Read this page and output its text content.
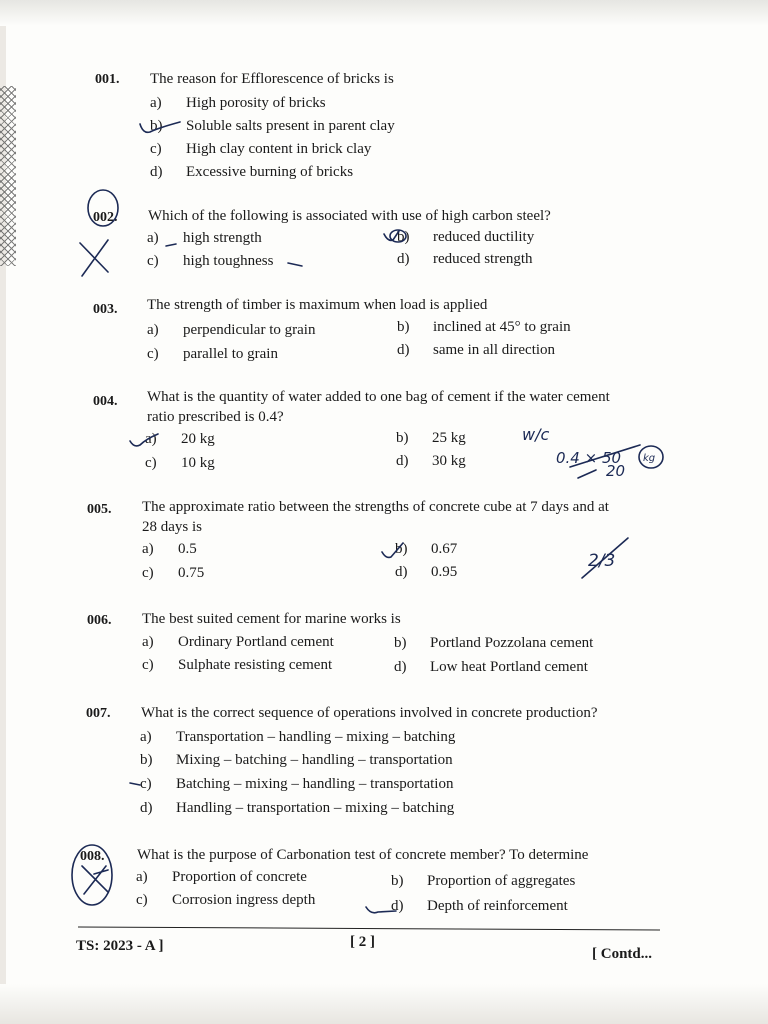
001. The reason for Efflorescence of bricks is
a) High porosity of bricks
b) Soluble salts present in parent clay
c) High clay content in brick clay
d) Excessive burning of bricks
002. Which of the following is associated with use of high carbon steel?
a) high strength	b) reduced ductility
c) high toughness	d) reduced strength
003. The strength of timber is maximum when load is applied
a) perpendicular to grain	b) inclined at 45° to grain
c) parallel to grain	d) same in all direction
004. What is the quantity of water added to one bag of cement if the water cement
ratio prescribed is 0.4?
a) 20 kg	b) 25 kg
c) 10 kg	d) 30 kg
005. The approximate ratio between the strengths of concrete cube at 7 days and at
28 days is
a) 0.5	b) 0.67
c) 0.75	d) 0.95
006. The best suited cement for marine works is
a) Ordinary Portland cement	b) Portland Pozzolana cement
c) Sulphate resisting cement	d) Low heat Portland cement
007. What is the correct sequence of operations involved in concrete production?
a) Transportation – handling – mixing – batching
b) Mixing – batching – handling – transportation
c) Batching – mixing – handling – transportation
d) Handling – transportation – mixing – batching
008. What is the purpose of Carbonation test of concrete member? To determine
a) Proportion of concrete	b) Proportion of aggregates
c) Corrosion ingress depth	d) Depth of reinforcement
TS: 2023 - A ]	[ 2 ]
[ Contd...
w/c
0.4 × 50
20
kg
2/3
